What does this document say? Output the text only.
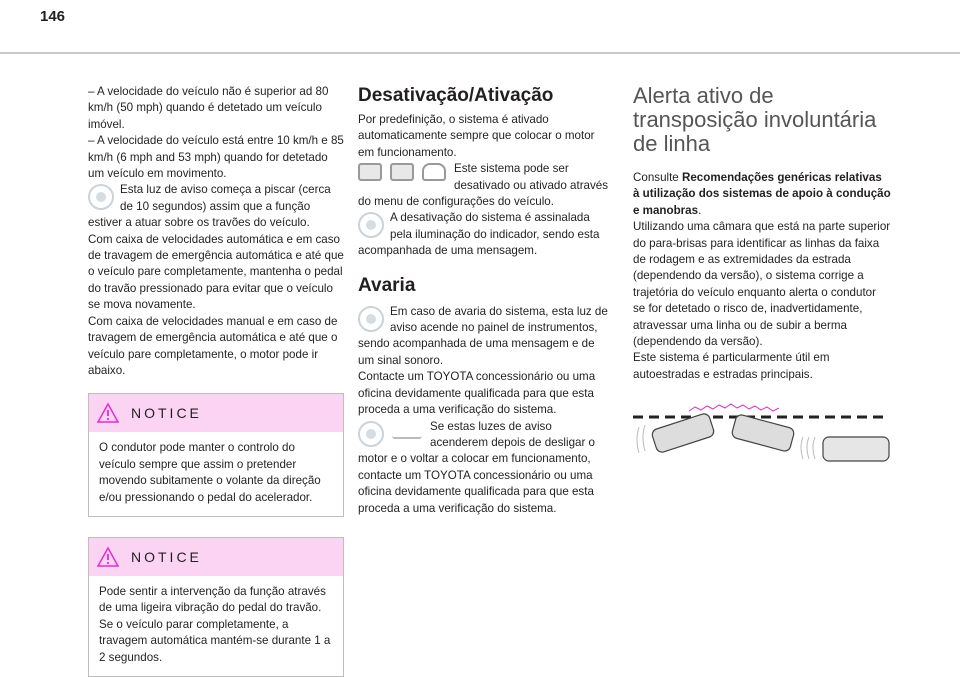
146

– A velocidade do veículo não é superior ad 80 km/h (50 mph) quando é detetado um veículo imóvel.

– A velocidade do veículo está entre 10 km/h e 85 km/h (6 mph and 53 mph) quando for detetado um veículo em movimento.

Esta luz de aviso começa a piscar (cerca de 10 segundos) assim que a função estiver a atuar sobre os travões do veículo.

Com caixa de velocidades automática e em caso de travagem de emergência automática e até que o veículo pare completamente, mantenha o pedal do travão pressionado para evitar que o veículo se mova novamente.

Com caixa de velocidades manual e em caso de travagem de emergência automática e até que o veículo pare completamente, o motor pode ir abaixo.

NOTICE
O condutor pode manter o controlo do veículo sempre que assim o pretender movendo subitamente o volante da direção e/ou pressionando o pedal do acelerador.
NOTICE
Pode sentir a intervenção da função através de uma ligeira vibração do pedal do travão. Se o veículo parar completamente, a travagem automática mantém-se durante 1 a 2 segundos.
Desativação/Ativação

Por predefinição, o sistema é ativado automaticamente sempre que colocar o motor em funcionamento.

Este sistema pode ser desativado ou ativado através do menu de configurações do veículo.

A desativação do sistema é assinalada pela iluminação do indicador, sendo esta acompanhada de uma mensagem.

Avaria

Em caso de avaria do sistema, esta luz de aviso acende no painel de instrumentos, sendo acompanhada de uma mensagem e de um sinal sonoro.

Contacte um TOYOTA concessionário ou uma oficina devidamente qualificada para que esta proceda a uma verificação do sistema.

Se estas luzes de aviso acenderem depois de desligar o motor e o voltar a colocar em funcionamento, contacte um TOYOTA concessionário ou uma oficina devidamente qualificada para que esta proceda a uma verificação do sistema.

Alerta ativo de transposição involuntária de linha

Consulte Recomendações genéricas relativas à utilização dos sistemas de apoio à condução e manobras.

Utilizando uma câmara que está na parte superior do para-brisas para identificar as linhas da faixa de rodagem e as extremidades da estrada (dependendo da versão), o sistema corrige a trajetória do veículo enquanto alerta o condutor se for detetado o risco de, inadvertidamente, atravessar uma linha ou de subir a berma (dependendo da versão).

Este sistema é particularmente útil em autoestradas e estradas principais.
